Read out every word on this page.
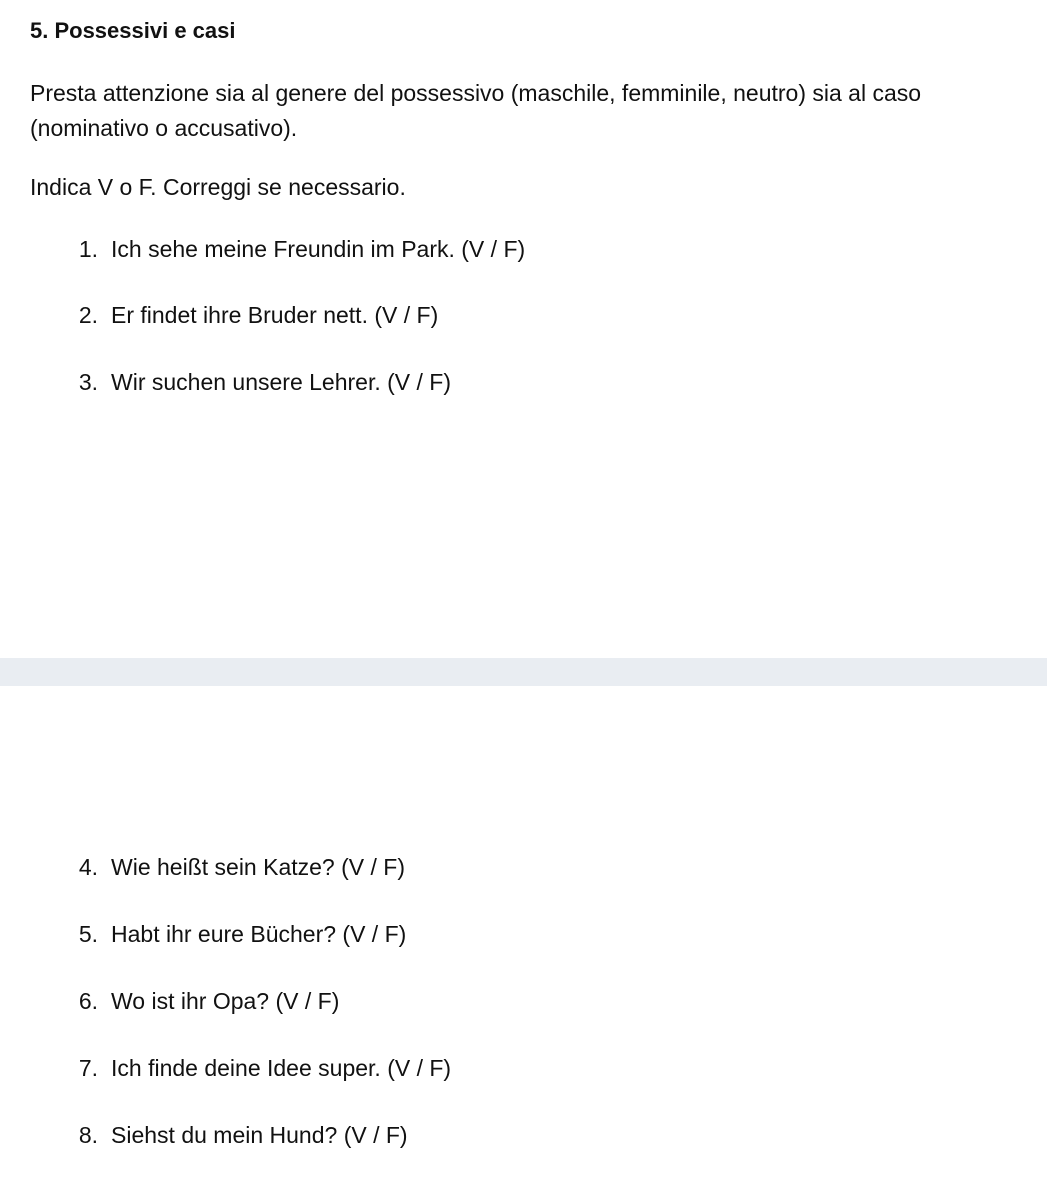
5. Possessivi e casi

Presta attenzione sia al genere del possessivo (maschile, femminile, neutro) sia al caso (nominativo o accusativo).

Indica V o F. Correggi se necessario.

1. Ich sehe meine Freundin im Park. (V / F)
2. Er findet ihre Bruder nett. (V / F)
3. Wir suchen unsere Lehrer. (V / F)
4. Wie heißt sein Katze? (V / F)
5. Habt ihr eure Bücher? (V / F)
6. Wo ist ihr Opa? (V / F)
7. Ich finde deine Idee super. (V / F)
8. Siehst du mein Hund? (V / F)
